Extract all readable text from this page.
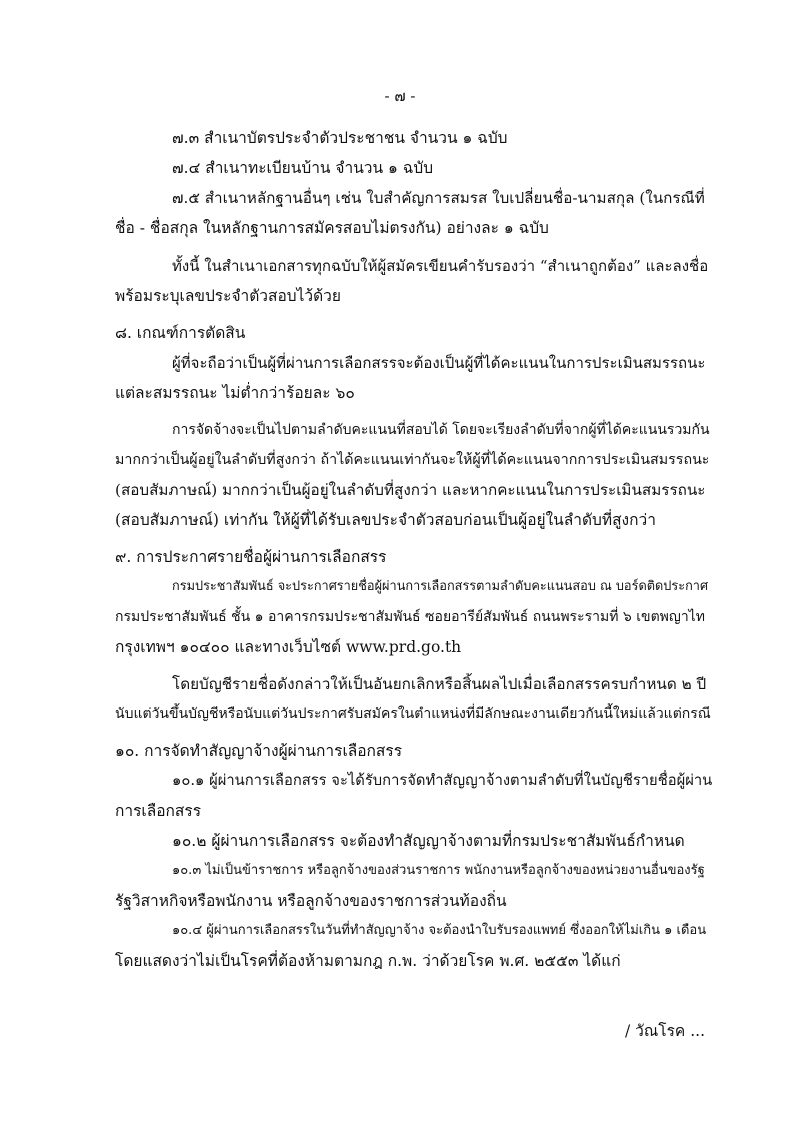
- ๗ -
๗.๓ สำเนาบัตรประจำตัวประชาชน จำนวน ๑ ฉบับ
๗.๔ สำเนาทะเบียนบ้าน จำนวน ๑ ฉบับ
๗.๕ สำเนาหลักฐานอื่นๆ เช่น ใบสำคัญการสมรส ใบเปลี่ยนชื่อ-นามสกุล (ในกรณีที่
ชื่อ - ชื่อสกุล ในหลักฐานการสมัครสอบไม่ตรงกัน) อย่างละ ๑ ฉบับ
ทั้งนี้ ในสำเนาเอกสารทุกฉบับให้ผู้สมัครเขียนคำรับรองว่า “สำเนาถูกต้อง” และลงชื่อ
พร้อมระบุเลขประจำตัวสอบไว้ด้วย
๘. เกณฑ์การตัดสิน
ผู้ที่จะถือว่าเป็นผู้ที่ผ่านการเลือกสรรจะต้องเป็นผู้ที่ได้คะแนนในการประเมินสมรรถนะ
แต่ละสมรรถนะ ไม่ต่ำกว่าร้อยละ ๖๐
การจัดจ้างจะเป็นไปตามลำดับคะแนนที่สอบได้ โดยจะเรียงลำดับที่จากผู้ที่ได้คะแนนรวมกัน
มากกว่าเป็นผู้อยู่ในลำดับที่สูงกว่า ถ้าได้คะแนนเท่ากันจะให้ผู้ที่ได้คะแนนจากการประเมินสมรรถนะ
(สอบสัมภาษณ์) มากกว่าเป็นผู้อยู่ในลำดับที่สูงกว่า และหากคะแนนในการประเมินสมรรถนะ
(สอบสัมภาษณ์) เท่ากัน ให้ผู้ที่ได้รับเลขประจำตัวสอบก่อนเป็นผู้อยู่ในลำดับที่สูงกว่า
๙. การประกาศรายชื่อผู้ผ่านการเลือกสรร
กรมประชาสัมพันธ์ จะประกาศรายชื่อผู้ผ่านการเลือกสรรตามลำดับคะแนนสอบ ณ บอร์ดติดประกาศ
กรมประชาสัมพันธ์ ชั้น ๑ อาคารกรมประชาสัมพันธ์ ซอยอารีย์สัมพันธ์ ถนนพระรามที่ ๖ เขตพญาไท
กรุงเทพฯ ๑๐๔๐๐ และทางเว็บไซต์ www.prd.go.th
โดยบัญชีรายชื่อดังกล่าวให้เป็นอันยกเลิกหรือสิ้นผลไปเมื่อเลือกสรรครบกำหนด ๒ ปี
นับแต่วันขึ้นบัญชีหรือนับแต่วันประกาศรับสมัครในตำแหน่งที่มีลักษณะงานเดียวกันนี้ใหม่แล้วแต่กรณี
๑๐. การจัดทำสัญญาจ้างผู้ผ่านการเลือกสรร
๑๐.๑ ผู้ผ่านการเลือกสรร จะได้รับการจัดทำสัญญาจ้างตามลำดับที่ในบัญชีรายชื่อผู้ผ่าน
การเลือกสรร
๑๐.๒ ผู้ผ่านการเลือกสรร จะต้องทำสัญญาจ้างตามที่กรมประชาสัมพันธ์กำหนด
๑๐.๓ ไม่เป็นข้าราชการ หรือลูกจ้างของส่วนราชการ พนักงานหรือลูกจ้างของหน่วยงานอื่นของรัฐ
รัฐวิสาหกิจหรือพนักงาน หรือลูกจ้างของราชการส่วนท้องถิ่น
๑๐.๔ ผู้ผ่านการเลือกสรรในวันที่ทำสัญญาจ้าง จะต้องนำใบรับรองแพทย์ ซึ่งออกให้ไม่เกิน ๑ เดือน
โดยแสดงว่าไม่เป็นโรคที่ต้องห้ามตามกฎ ก.พ. ว่าด้วยโรค พ.ศ. ๒๕๕๓ ได้แก่
/ วัณโรค ...
